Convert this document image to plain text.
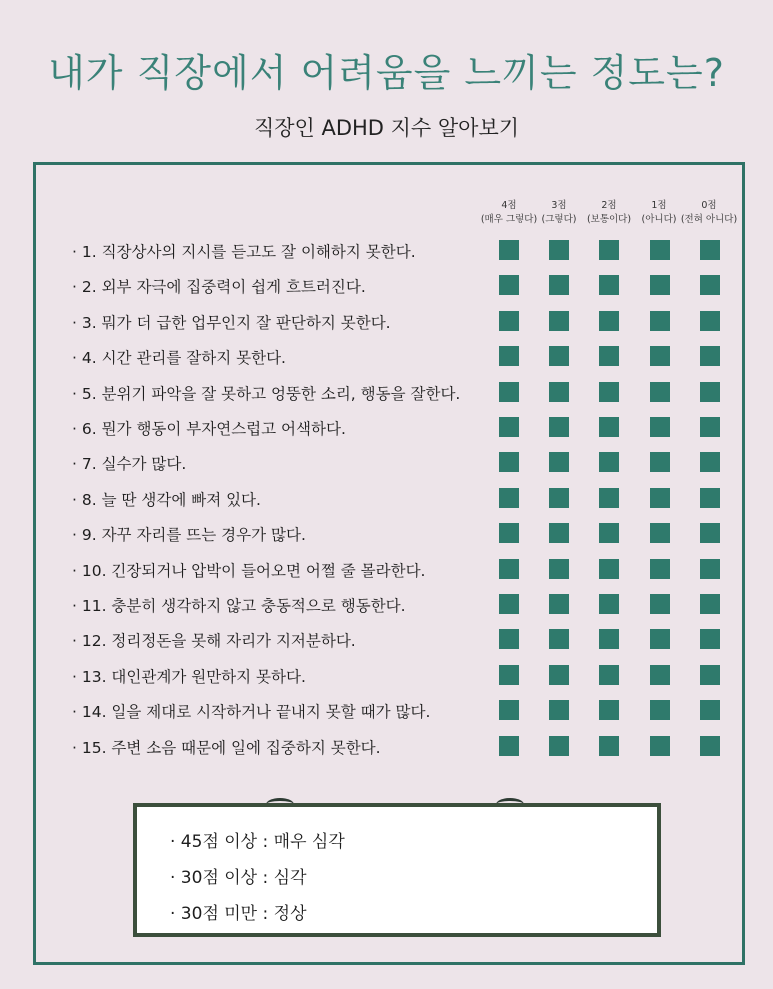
내가 직장에서 어려움을 느끼는 정도는?
직장인 ADHD 지수 알아보기
4점
(매우 그렇다)
3점
(그렇다)
2점
(보통이다)
1점
(아니다)
0점
(전혀 아니다)
· 1. 직장상사의 지시를 듣고도 잘 이해하지 못한다.
· 2. 외부 자극에 집중력이 쉽게 흐트러진다.
· 3. 뭐가 더 급한 업무인지 잘 판단하지 못한다.
· 4. 시간 관리를 잘하지 못한다.
· 5. 분위기 파악을 잘 못하고 엉뚱한 소리, 행동을 잘한다.
· 6. 뭔가 행동이 부자연스럽고 어색하다.
· 7. 실수가 많다.
· 8. 늘 딴 생각에 빠져 있다.
· 9. 자꾸 자리를 뜨는 경우가 많다.
· 10. 긴장되거나 압박이 들어오면 어쩔 줄 몰라한다.
· 11. 충분히 생각하지 않고 충동적으로 행동한다.
· 12. 정리정돈을 못해 자리가 지저분하다.
· 13. 대인관계가 원만하지 못하다.
· 14. 일을 제대로 시작하거나 끝내지 못할 때가 많다.
· 15. 주변 소음 때문에 일에 집중하지 못한다.
· 45점 이상 : 매우 심각
· 30점 이상 : 심각
· 30점 미만 : 정상
